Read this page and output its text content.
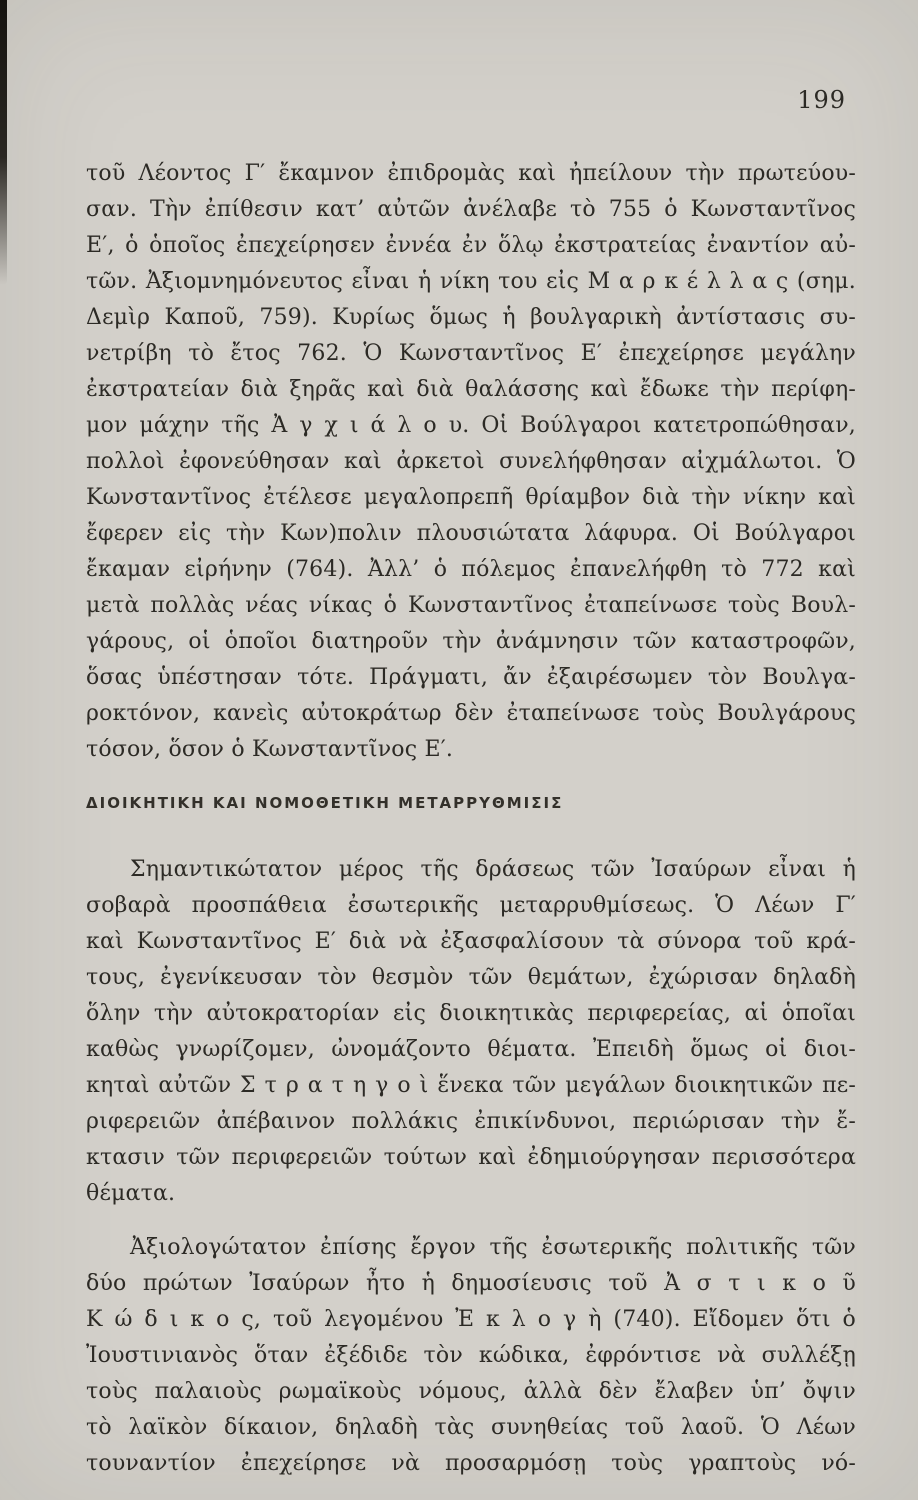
199
τοῦ Λέοντος Γ′ ἔκαμνον ἐπιδρομὰς καὶ ἠπείλουν τὴν πρωτεύου-
σαν. Τὴν ἐπίθεσιν κατ’ αὐτῶν ἀνέλαβε τὸ 755 ὁ Κωνσταντῖνος
Ε′, ὁ ὁποῖος ἐπεχείρησεν ἐννέα ἐν ὅλῳ ἐκστρατείας ἐναντίον αὐ-
τῶν. Ἀξιομνημόνευτος εἶναι ἡ νίκη του εἰς Μ α ρ κ έ λ λ α ς (σημ.
Δεμὶρ Καποῦ, 759). Κυρίως ὅμως ἡ βουλγαρικὴ ἀντίστασις συ-
νετρίβη τὸ ἔτος 762. Ὁ Κωνσταντῖνος Ε′ ἐπεχείρησε μεγάλην
ἐκστρατείαν διὰ ξηρᾶς καὶ διὰ θαλάσσης καὶ ἔδωκε τὴν περίφη-
μον μάχην τῆς Ἀ γ χ ι ά λ ο υ. Οἱ Βούλγαροι κατετροπώθησαν,
πολλοὶ ἐφονεύθησαν καὶ ἀρκετοὶ συνελήφθησαν αἰχμάλωτοι. Ὁ
Κωνσταντῖνος ἐτέλεσε μεγαλοπρεπῆ θρίαμβον διὰ τὴν νίκην καὶ
ἔφερεν εἰς τὴν Κων)πολιν πλουσιώτατα λάφυρα. Οἱ Βούλγαροι
ἔκαμαν εἰρήνην (764). Ἀλλ’ ὁ πόλεμος ἐπανελήφθη τὸ 772 καὶ
μετὰ πολλὰς νέας νίκας ὁ Κωνσταντῖνος ἐταπείνωσε τοὺς Βουλ-
γάρους, οἱ ὁποῖοι διατηροῦν τὴν ἀνάμνησιν τῶν καταστροφῶν,
ὅσας ὑπέστησαν τότε. Πράγματι, ἄν ἐξαιρέσωμεν τὸν Βουλγα-
ροκτόνον, κανεὶς αὐτοκράτωρ δὲν ἐταπείνωσε τοὺς Βουλγάρους
τόσον, ὅσον ὁ Κωνσταντῖνος Ε′.
ΔΙΟΙΚΗΤΙΚΗ ΚΑΙ ΝΟΜΟΘΕΤΙΚΗ ΜΕΤΑΡΡΥΘΜΙΣΙΣ
Σημαντικώτατον μέρος τῆς δράσεως τῶν Ἰσαύρων εἶναι ἡ
σοβαρὰ προσπάθεια ἐσωτερικῆς μεταρρυθμίσεως. Ὁ Λέων Γ′
καὶ Κωνσταντῖνος Ε′ διὰ νὰ ἐξασφαλίσουν τὰ σύνορα τοῦ κρά-
τους, ἐγενίκευσαν τὸν θεσμὸν τῶν θεμάτων, ἐχώρισαν δηλαδὴ
ὅλην τὴν αὐτοκρατορίαν εἰς διοικητικὰς περιφερείας, αἱ ὁποῖαι
καθὼς γνωρίζομεν, ὠνομάζοντο θέματα. Ἐπειδὴ ὅμως οἱ διοι-
κηταὶ αὐτῶν Σ τ ρ α τ η γ ο ὶ ἕνεκα τῶν μεγάλων διοικητικῶν πε-
ριφερειῶν ἀπέβαινον πολλάκις ἐπικίνδυνοι, περιώρισαν τὴν ἔ-
κτασιν τῶν περιφερειῶν τούτων καὶ ἐδημιούργησαν περισσότερα
θέματα.
Ἀξιολογώτατον ἐπίσης ἔργον τῆς ἐσωτερικῆς πολιτικῆς τῶν
δύο πρώτων Ἰσαύρων ἦτο ἡ δημοσίευσις τοῦ Ἀ σ τ ι κ ο ῦ
Κ ώ δ ι κ ο ς, τοῦ λεγομένου Ἐ κ λ ο γ ὴ (740). Εἴδομεν ὅτι ὁ
Ἰουστινιανὸς ὅταν ἐξέδιδε τὸν κώδικα, ἐφρόντισε νὰ συλλέξῃ
τοὺς παλαιοὺς ρωμαϊκοὺς νόμους, ἀλλὰ δὲν ἔλαβεν ὑπ’ ὄψιν
τὸ λαϊκὸν δίκαιον, δηλαδὴ τὰς συνηθείας τοῦ λαοῦ. Ὁ Λέων
τουναντίον ἐπεχείρησε νὰ προσαρμόσῃ τοὺς γραπτοὺς νό-
